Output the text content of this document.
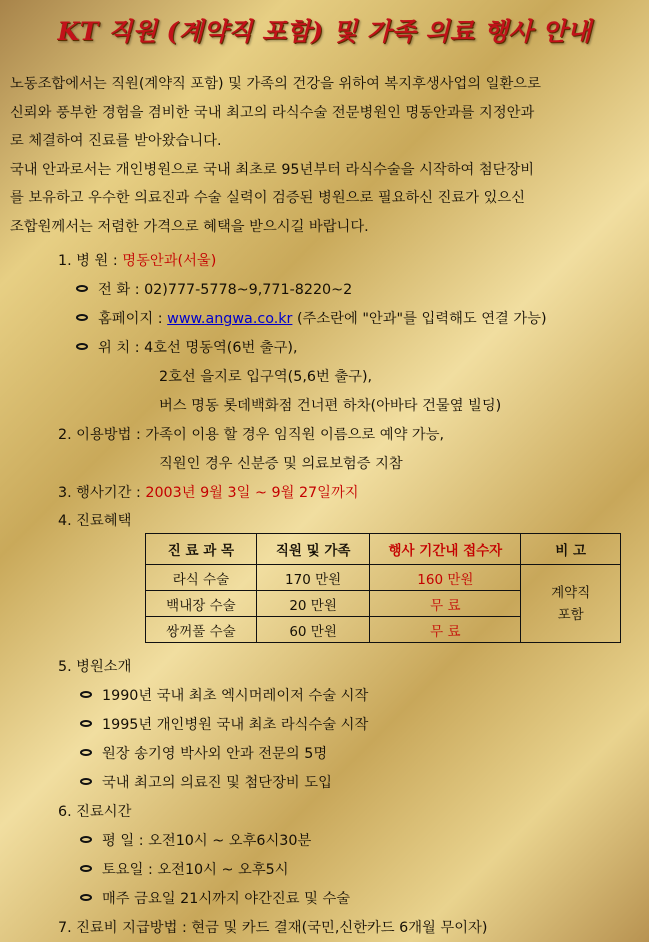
KT 직원 (계약직 포함) 및 가족 의료 행사 안내
노동조합에서는 직원(계약직 포함) 및 가족의 건강을 위하여 복지후생사업의 일환으로
신뢰와 풍부한 경험을 겸비한 국내 최고의 라식수술 전문병원인 명동안과를 지정안과
로 체결하여 진료를 받아왔습니다.
국내 안과로서는 개인병원으로 국내 최초로 95년부터 라식수술을 시작하여 첨단장비
를 보유하고 우수한 의료진과 수술 실력이 검증된 병원으로 필요하신 진료가 있으신
조합원께서는 저렴한 가격으로 혜택을 받으시길 바랍니다.
1. 병 원 : 명동안과(서울)
전 화 : 02)777-5778~9,771-8220~2
홈페이지 : www.angwa.co.kr (주소란에 "안과"를 입력해도 연결 가능)
위 치 : 4호선 명동역(6번 출구),
2호선 을지로 입구역(5,6번 출구),
버스 명동 롯데백화점 건너편 하차(아바타 건물옆 빌딩)
2. 이용방법 : 가족이 이용 할 경우 임직원 이름으로 예약 가능,
직원인 경우 신분증 및 의료보험증 지참
3. 행사기간 : 2003년 9월 3일 ~ 9월 27일까지
4. 진료혜택
진 료 과 목	직원 및 가족	행사 기간내 접수자	비 고
라식 수술	170 만원	160 만원	계약직
포함

백내장 수술	20 만원	무 료	
쌍꺼풀 수술	60 만원	무 료	
5. 병원소개
1990년 국내 최초 엑시머레이저 수술 시작
1995년 개인병원 국내 최초 라식수술 시작
원장 송기영 박사외 안과 전문의 5명
국내 최고의 의료진 및 첨단장비 도입
6. 진료시간
평 일 : 오전10시 ~ 오후6시30분
토요일 : 오전10시 ~ 오후5시
매주 금요일 21시까지 야간진료 및 수술
7. 진료비 지급방법 : 현금 및 카드 결재(국민,신한카드 6개월 무이자)
